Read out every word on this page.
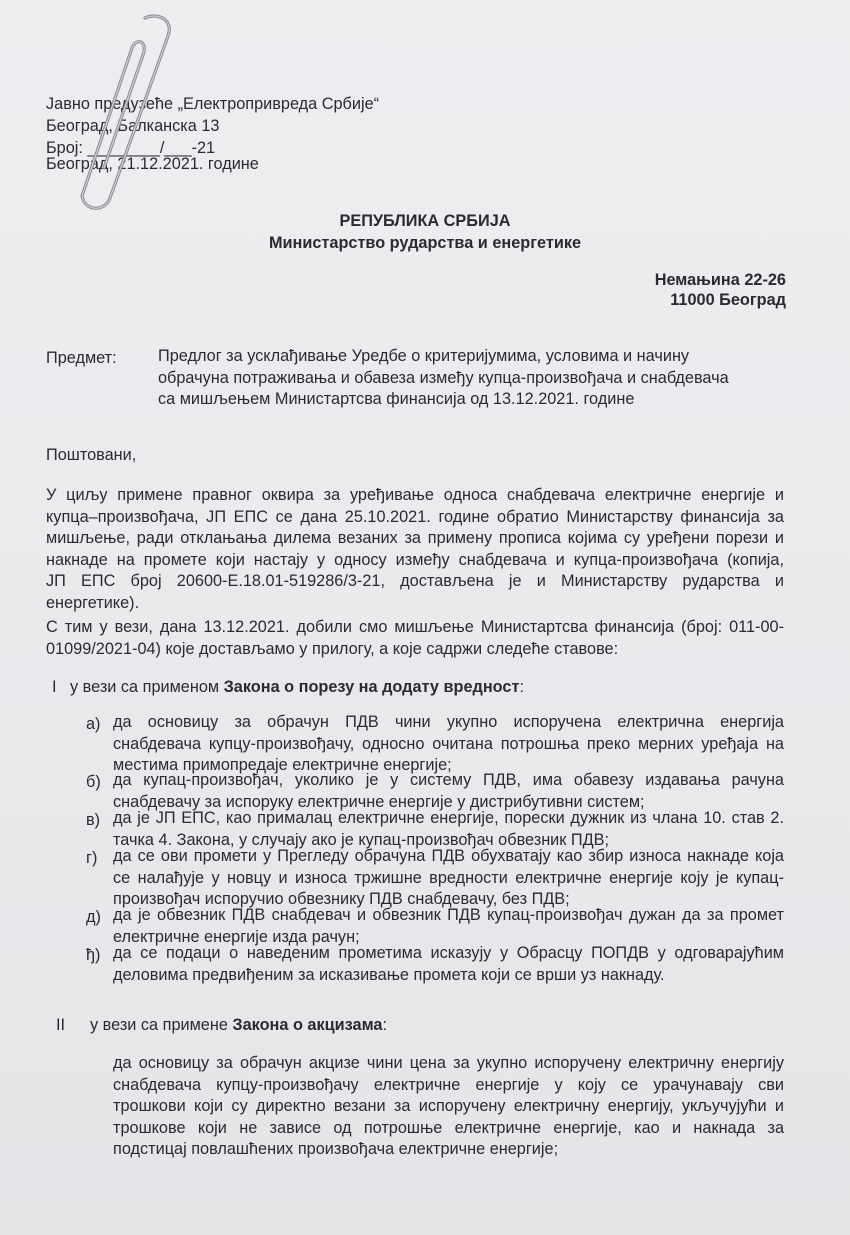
Јавно предузеће „Електропривреда Србије“
Београд, Балканска 13
Број: ________/___-21
Београд, 21.12.2021. године
РЕПУБЛИКА СРБИЈА
Министарство рударства и енергетике
Немањина 22-26
11000 Београд
Предмет:	Предлог за усклађивање Уредбе о критеријумима, условима и начину
обрачуна потраживања и обавеза између купца-произвођача и снабдевача
са мишљењем Министартсва финансија од 13.12.2021. године
Поштовани,
У циљу примене правног оквира за уређивање односа снабдевача електричне енергије и
купца–произвођача, ЈП ЕПС се дана 25.10.2021. године обратио Министарству финансија за
мишљење, ради отклањања дилема везаних за примену прописа којима су уређени порези и
накнаде на промете који настају у односу између снабдевача и купца-произвођача (копија,
ЈП ЕПС број 20600-Е.18.01-519286/3-21, достављена је и Министарству рударства и
енергетике).
С тим у вези, дана 13.12.2021. добили смо мишљење Министартсва финансија (број: 011-00-
01099/2021-04) које достављамо у прилогу, а које садржи следеће ставове:
I у вези са применом Закона о порезу на додату вредност:
а) да основицу за обрачун ПДВ чини укупно испоручена електрична енергија
снабдевача купцу-произвођачу, односно очитана потрошња преко мерних уређаја на
местима примопредаје електричне енергије;
б) да купац-произвођач, уколико је у систему ПДВ, има обавезу издавања рачуна
снабдевачу за испоруку електричне енергије у дистрибутивни систем;
в) да је ЈП ЕПС, као прималац електричне енергије, порески дужник из члана 10. став 2.
тачка 4. Закона, у случају ако је купац-произвођач обвезник ПДВ;
г) да се ови промети у Прегледу обрачуна ПДВ обухватају као збир износа накнаде која
се налађује у новцу и износа тржишне вредности електричне енергије коју је купац-
произвођач испоручио обвезнику ПДВ снабдевачу, без ПДВ;
д) да је обвезник ПДВ снабдевач и обвезник ПДВ купац-произвођач дужан да за промет
електричне енергије изда рачун;
ђ) да се подаци о наведеним прометима исказују у Обрасцу ПОПДВ у одговарајућим
деловима предвиђеним за исказивање промета који се врши уз накнаду.
II у вези са примене Закона о акцизама:
да основицу за обрачун акцизе чини цена за укупно испоручену електричну енергију
снабдевача купцу-произвођачу електричне енергије у коју се урачунавају сви
трошкови који су директно везани за испоручену електричну енергију, укључујући и
трошкове који не зависе од потрошње електричне енергије, као и накнада за
подстицај повлашћених произвођача електричне енергије;
